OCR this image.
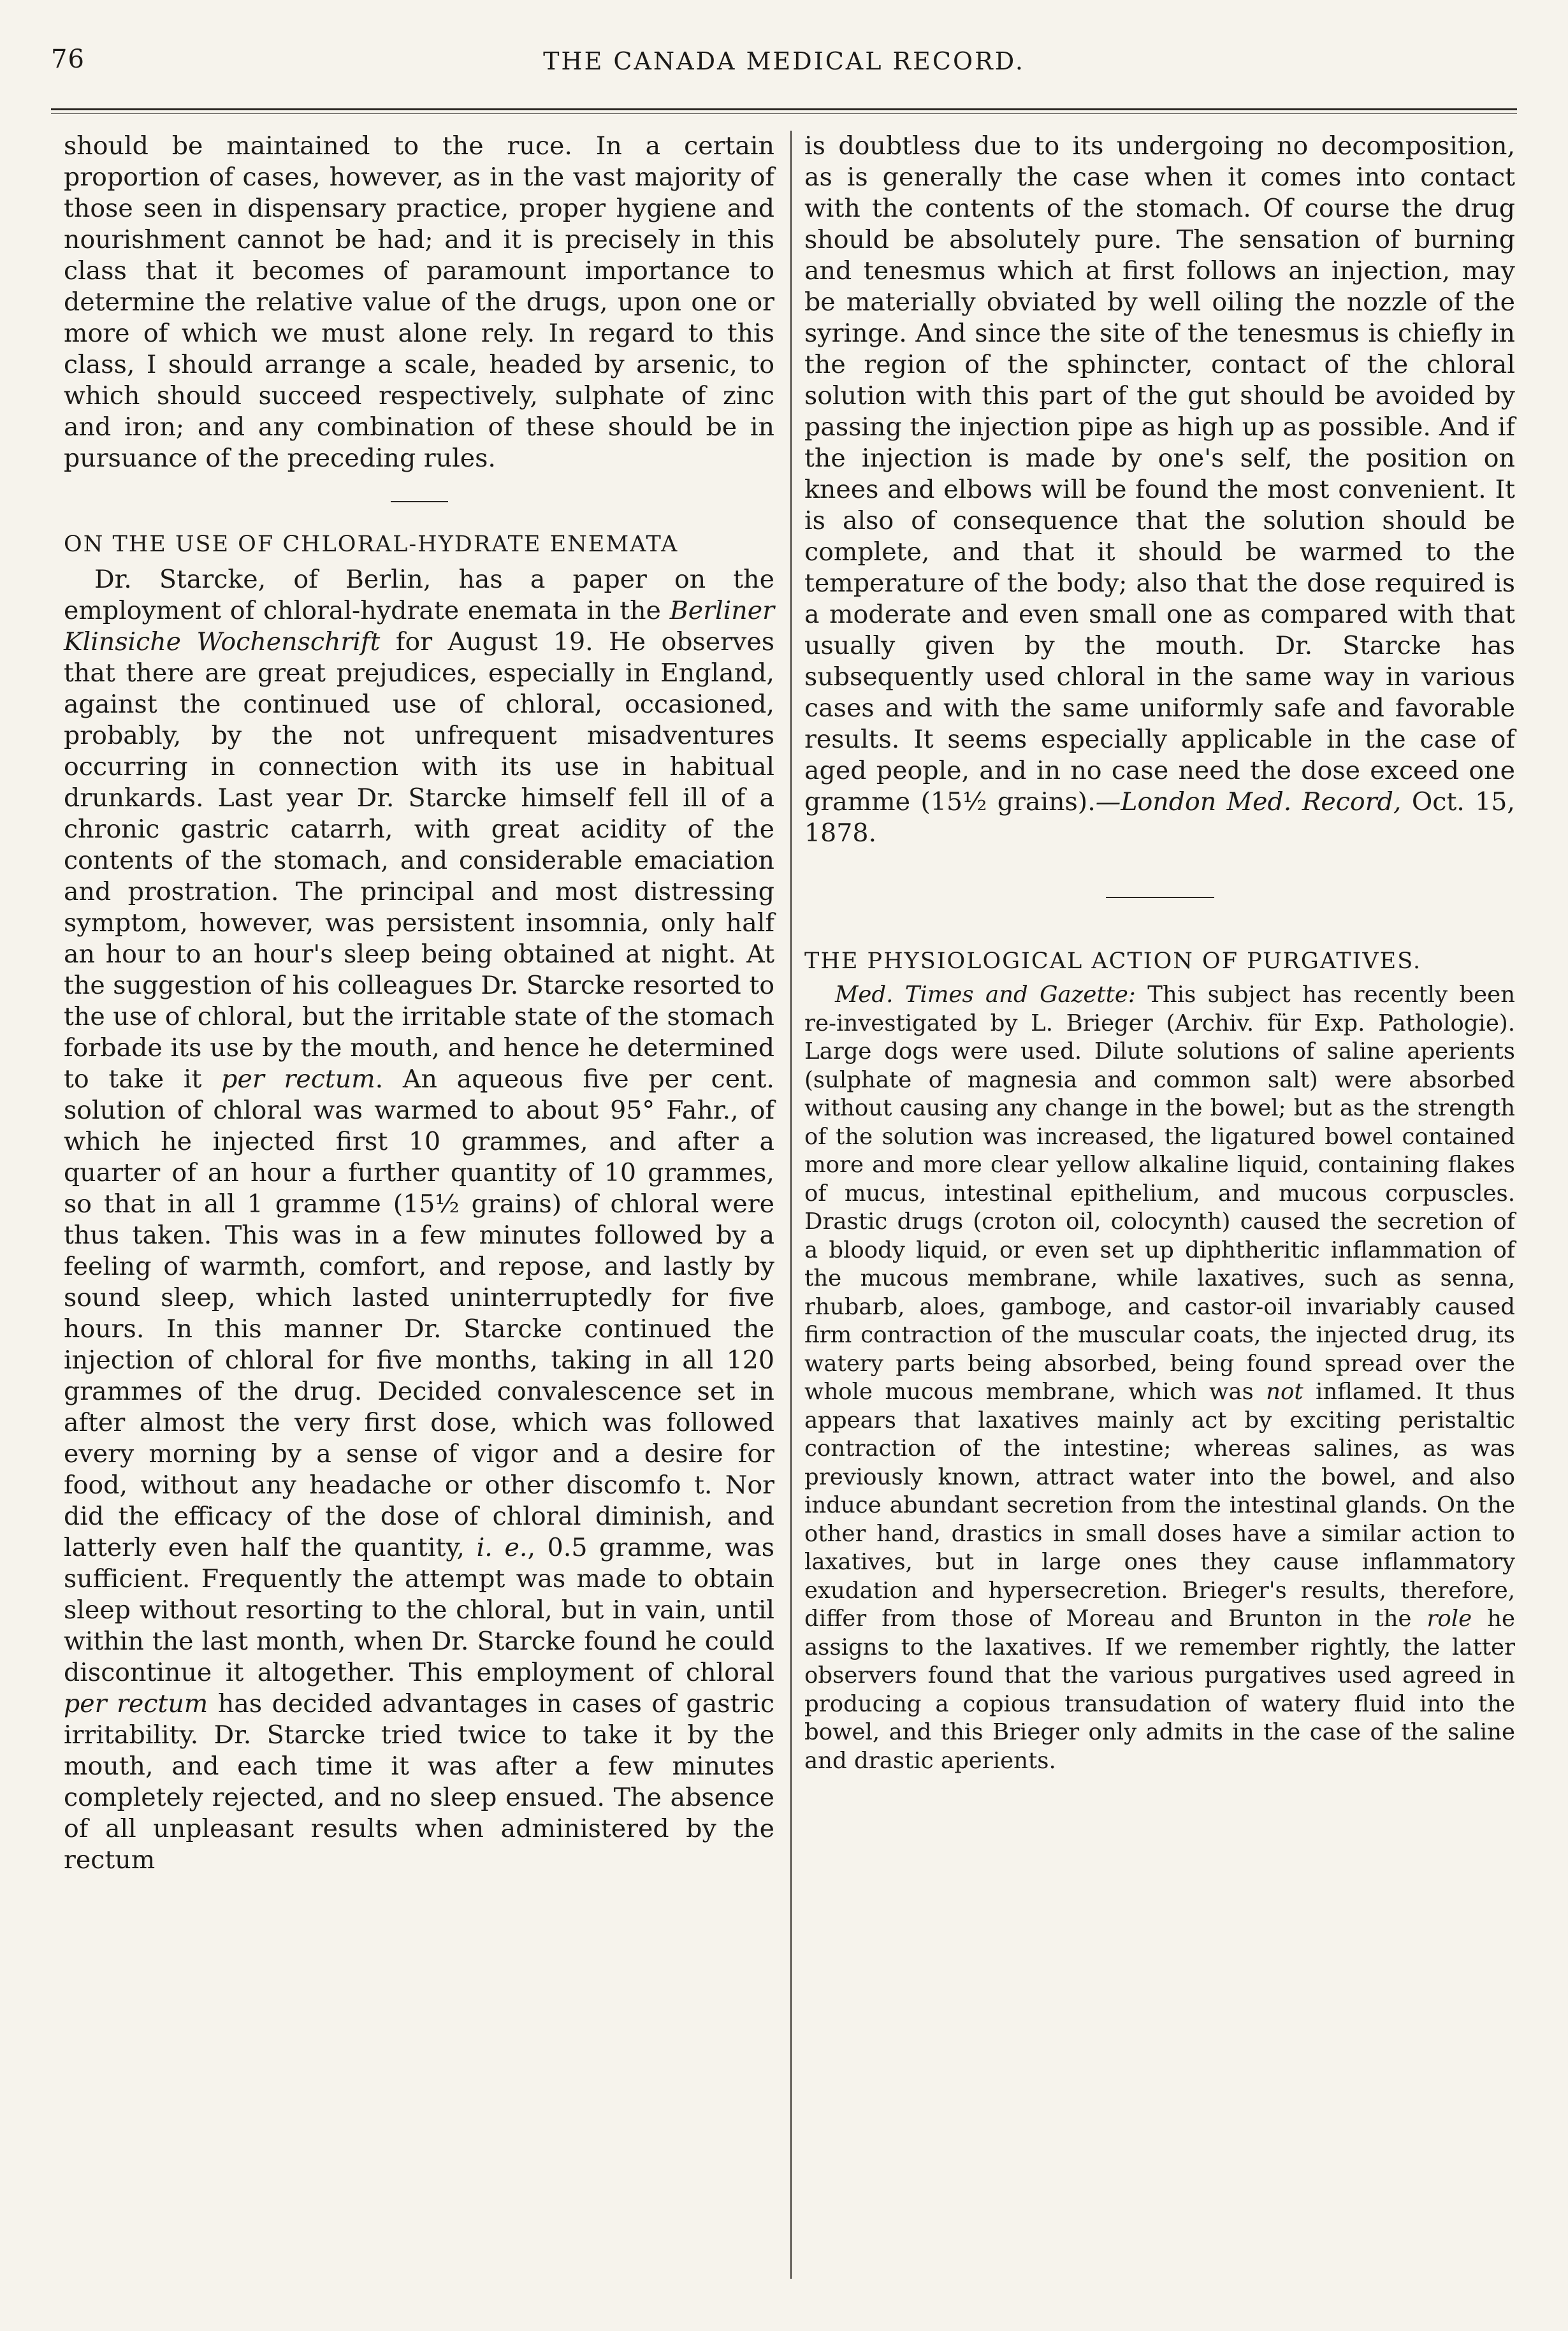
76	THE CANADA MEDICAL RECORD.

should be maintained to the ruce. In a certain proportion of cases, however, as in the vast majority of those seen in dispensary practice, proper hygiene and nourishment cannot be had; and it is precisely in this class that it becomes of paramount importance to determine the relative value of the drugs, upon one or more of which we must alone rely. In regard to this class, I should arrange a scale, headed by arsenic, to which should succeed respectively, sulphate of zinc and iron; and any combination of these should be in pursuance of the preceding rules.

ON THE USE OF CHLORAL-HYDRATE ENEMATA

Dr. Starcke, of Berlin, has a paper on the employment of chloral-hydrate enemata in the Berliner Klinsiche Wochenschrift for August 19. He observes that there are great prejudices, especially in England, against the continued use of chloral, occasioned, probably, by the not unfrequent misadventures occurring in connection with its use in habitual drunkards. Last year Dr. Starcke himself fell ill of a chronic gastric catarrh, with great acidity of the contents of the stomach, and considerable emaciation and prostration. The principal and most distressing symptom, however, was persistent insomnia, only half an hour to an hour's sleep being obtained at night. At the suggestion of his colleagues Dr. Starcke resorted to the use of chloral, but the irritable state of the stomach forbade its use by the mouth, and hence he determined to take it per rectum. An aqueous five per cent. solution of chloral was warmed to about 95° Fahr., of which he injected first 10 grammes, and after a quarter of an hour a further quantity of 10 grammes, so that in all 1 gramme (15½ grains) of chloral were thus taken. This was in a few minutes followed by a feeling of warmth, comfort, and repose, and lastly by sound sleep, which lasted uninterruptedly for five hours. In this manner Dr. Starcke continued the injection of chloral for five months, taking in all 120 grammes of the drug. Decided convalescence set in after almost the very first dose, which was followed every morning by a sense of vigor and a desire for food, without any headache or other discomfo t. Nor did the efficacy of the dose of chloral diminish, and latterly even half the quantity, i. e., 0.5 gramme, was sufficient. Frequently the attempt was made to obtain sleep without resorting to the chloral, but in vain, until within the last month, when Dr. Starcke found he could discontinue it altogether. This employment of chloral per rectum has decided advantages in cases of gastric irritability. Dr. Starcke tried twice to take it by the mouth, and each time it was after a few minutes completely rejected, and no sleep ensued. The absence of all unpleasant results when administered by the rectum

is doubtless due to its undergoing no decomposition, as is generally the case when it comes into contact with the contents of the stomach. Of course the drug should be absolutely pure. The sensation of burning and tenesmus which at first follows an injection, may be materially obviated by well oiling the nozzle of the syringe. And since the site of the tenesmus is chiefly in the region of the sphincter, contact of the chloral solution with this part of the gut should be avoided by passing the injection pipe as high up as possible. And if the injection is made by one's self, the position on knees and elbows will be found the most convenient. It is also of consequence that the solution should be complete, and that it should be warmed to the temperature of the body; also that the dose required is a moderate and even small one as compared with that usually given by the mouth. Dr. Starcke has subsequently used chloral in the same way in various cases and with the same uniformly safe and favorable results. It seems especially applicable in the case of aged people, and in no case need the dose exceed one gramme (15½ grains).—London Med. Record, Oct. 15, 1878.

THE PHYSIOLOGICAL ACTION OF PURGATIVES.

Med. Times and Gazette: This subject has recently been re-investigated by L. Brieger (Archiv. für Exp. Pathologie). Large dogs were used. Dilute solutions of saline aperients (sulphate of magnesia and common salt) were absorbed without causing any change in the bowel; but as the strength of the solution was increased, the ligatured bowel contained more and more clear yellow alkaline liquid, containing flakes of mucus, intestinal epithelium, and mucous corpuscles. Drastic drugs (croton oil, colocynth) caused the secretion of a bloody liquid, or even set up diphtheritic inflammation of the mucous membrane, while laxatives, such as senna, rhubarb, aloes, gamboge, and castor-oil invariably caused firm contraction of the muscular coats, the injected drug, its watery parts being absorbed, being found spread over the whole mucous membrane, which was not inflamed. It thus appears that laxatives mainly act by exciting peristaltic contraction of the intestine; whereas salines, as was previously known, attract water into the bowel, and also induce abundant secretion from the intestinal glands. On the other hand, drastics in small doses have a similar action to laxatives, but in large ones they cause inflammatory exudation and hypersecretion. Brieger's results, therefore, differ from those of Moreau and Brunton in the role he assigns to the laxatives. If we remember rightly, the latter observers found that the various purgatives used agreed in producing a copious transudation of watery fluid into the bowel, and this Brieger only admits in the case of the saline and drastic aperients.
